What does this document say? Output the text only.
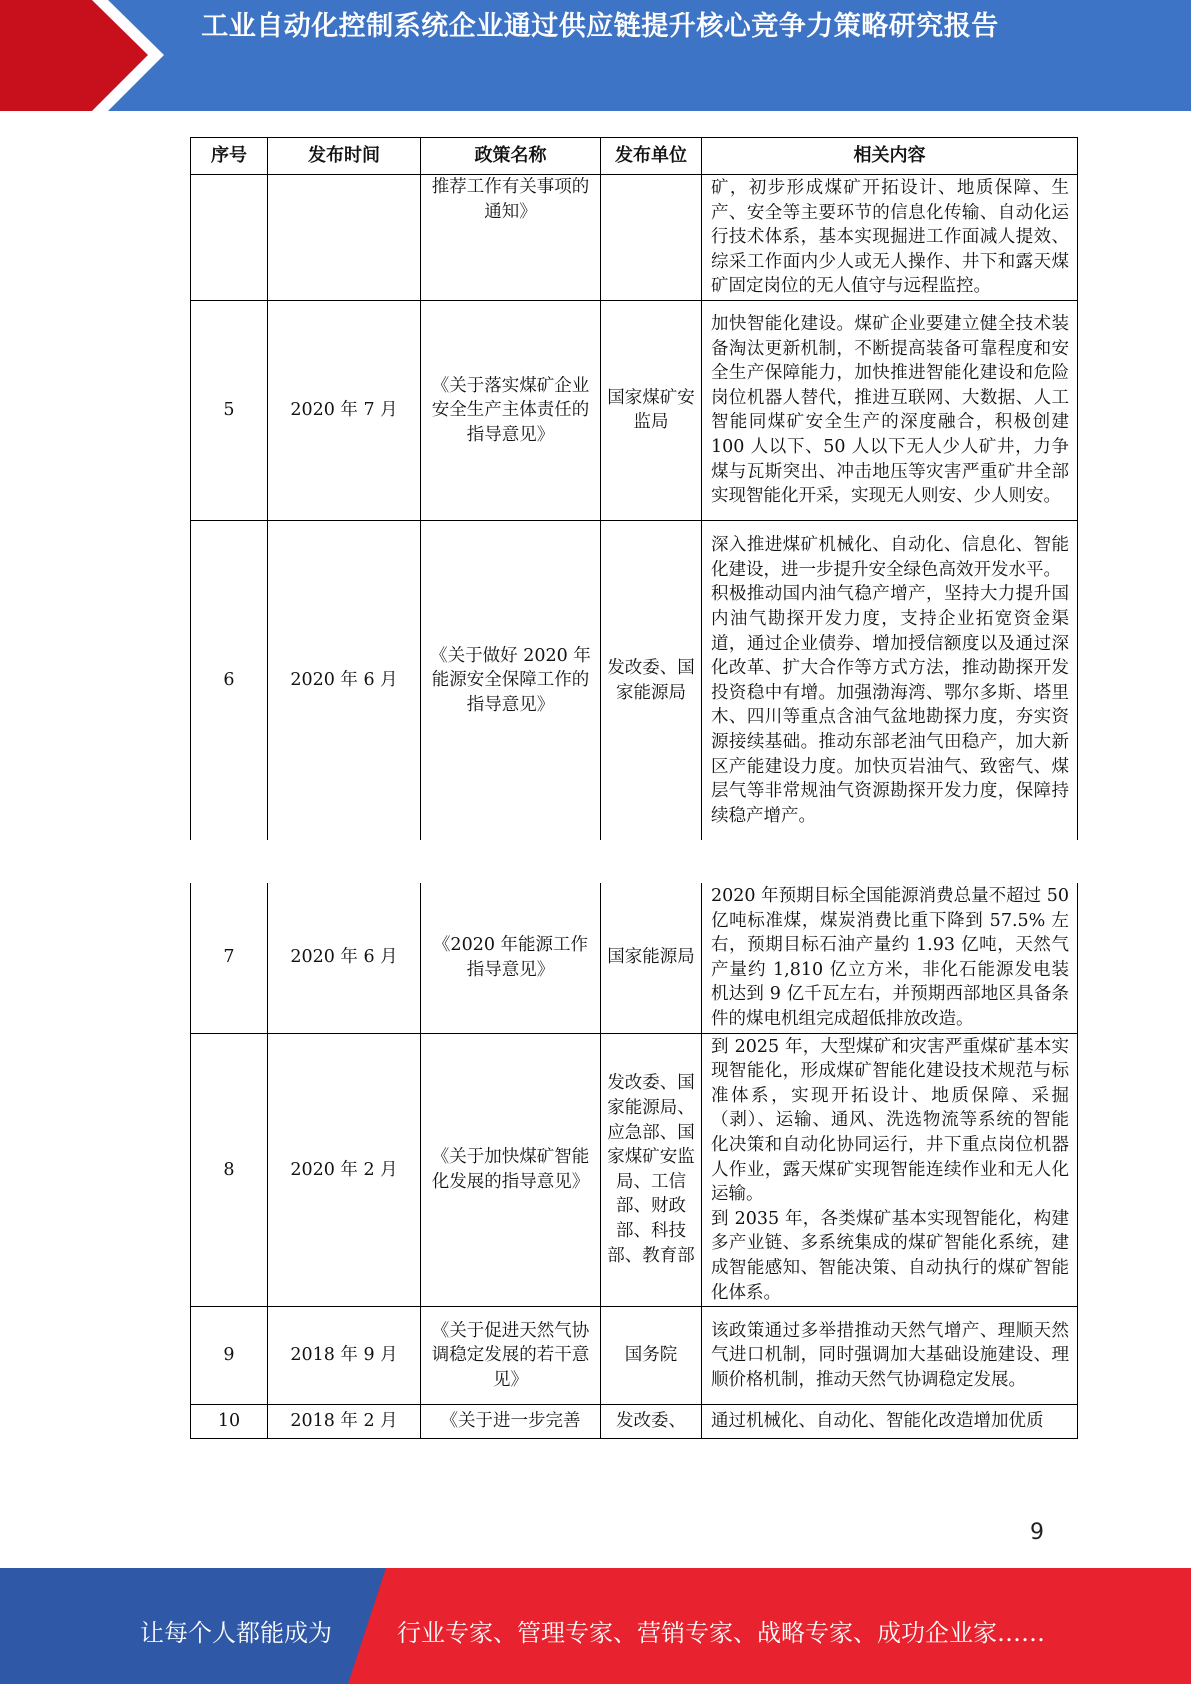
工业自动化控制系统企业通过供应链提升核心竞争力策略研究报告
序号	发布时间	政策名称	发布单位	相关内容
		推荐工作有关事项的通知》		矿，初步形成煤矿开拓设计、地质保障、生产、安全等主要环节的信息化传输、自动化运行技术体系，基本实现掘进工作面减人提效、综采工作面内少人或无人操作、井下和露天煤矿固定岗位的无人值守与远程监控。
5	2020 年 7 月	《关于落实煤矿企业安全生产主体责任的指导意见》	国家煤矿安监局	加快智能化建设。煤矿企业要建立健全技术装备淘汰更新机制，不断提高装备可靠程度和安全生产保障能力，加快推进智能化建设和危险岗位机器人替代，推进互联网、大数据、人工智能同煤矿安全生产的深度融合，积极创建 100 人以下、50 人以下无人少人矿井，力争煤与瓦斯突出、冲击地压等灾害严重矿井全部实现智能化开采，实现无人则安、少人则安。
6	2020 年 6 月	《关于做好 2020 年能源安全保障工作的指导意见》	发改委、国家能源局	深入推进煤矿机械化、自动化、信息化、智能化建设，进一步提升安全绿色高效开发水平。
积极推动国内油气稳产增产，坚持大力提升国内油气勘探开发力度，支持企业拓宽资金渠道，通过企业债券、增加授信额度以及通过深化改革、扩大合作等方式方法，推动勘探开发投资稳中有增。加强渤海湾、鄂尔多斯、塔里木、四川等重点含油气盆地勘探力度，夯实资源接续基础。推动东部老油气田稳产，加大新区产能建设力度。加快页岩油气、致密气、煤层气等非常规油气资源勘探开发力度，保障持续稳产增产。
7	2020 年 6 月	《2020 年能源工作指导意见》	国家能源局	2020 年预期目标全国能源消费总量不超过 50 亿吨标准煤，煤炭消费比重下降到 57.5% 左右，预期目标石油产量约 1.93 亿吨，天然气产量约 1,810 亿立方米，非化石能源发电装机达到 9 亿千瓦左右，并预期西部地区具备条件的煤电机组完成超低排放改造。
8	2020 年 2 月	《关于加快煤矿智能化发展的指导意见》	发改委、国家能源局、应急部、国家煤矿安监局、工信部、财政部、科技部、教育部	到 2025 年，大型煤矿和灾害严重煤矿基本实现智能化，形成煤矿智能化建设技术规范与标准体系，实现开拓设计、地质保障、采掘（剥）、运输、通风、洗选物流等系统的智能化决策和自动化协同运行，井下重点岗位机器人作业，露天煤矿实现智能连续作业和无人化运输。
到 2035 年，各类煤矿基本实现智能化，构建多产业链、多系统集成的煤矿智能化系统，建成智能感知、智能决策、自动执行的煤矿智能化体系。

9	2018 年 9 月	《关于促进天然气协调稳定发展的若干意见》	国务院	该政策通过多举措推动天然气增产、理顺天然气进口机制，同时强调加大基础设施建设、理顺价格机制，推动天然气协调稳定发展。
10	2018 年 2 月	《关于进一步完善	发改委、	通过机械化、自动化、智能化改造增加优质
9
让每个人都能成为	行业专家、管理专家、营销专家、战略专家、成功企业家……
